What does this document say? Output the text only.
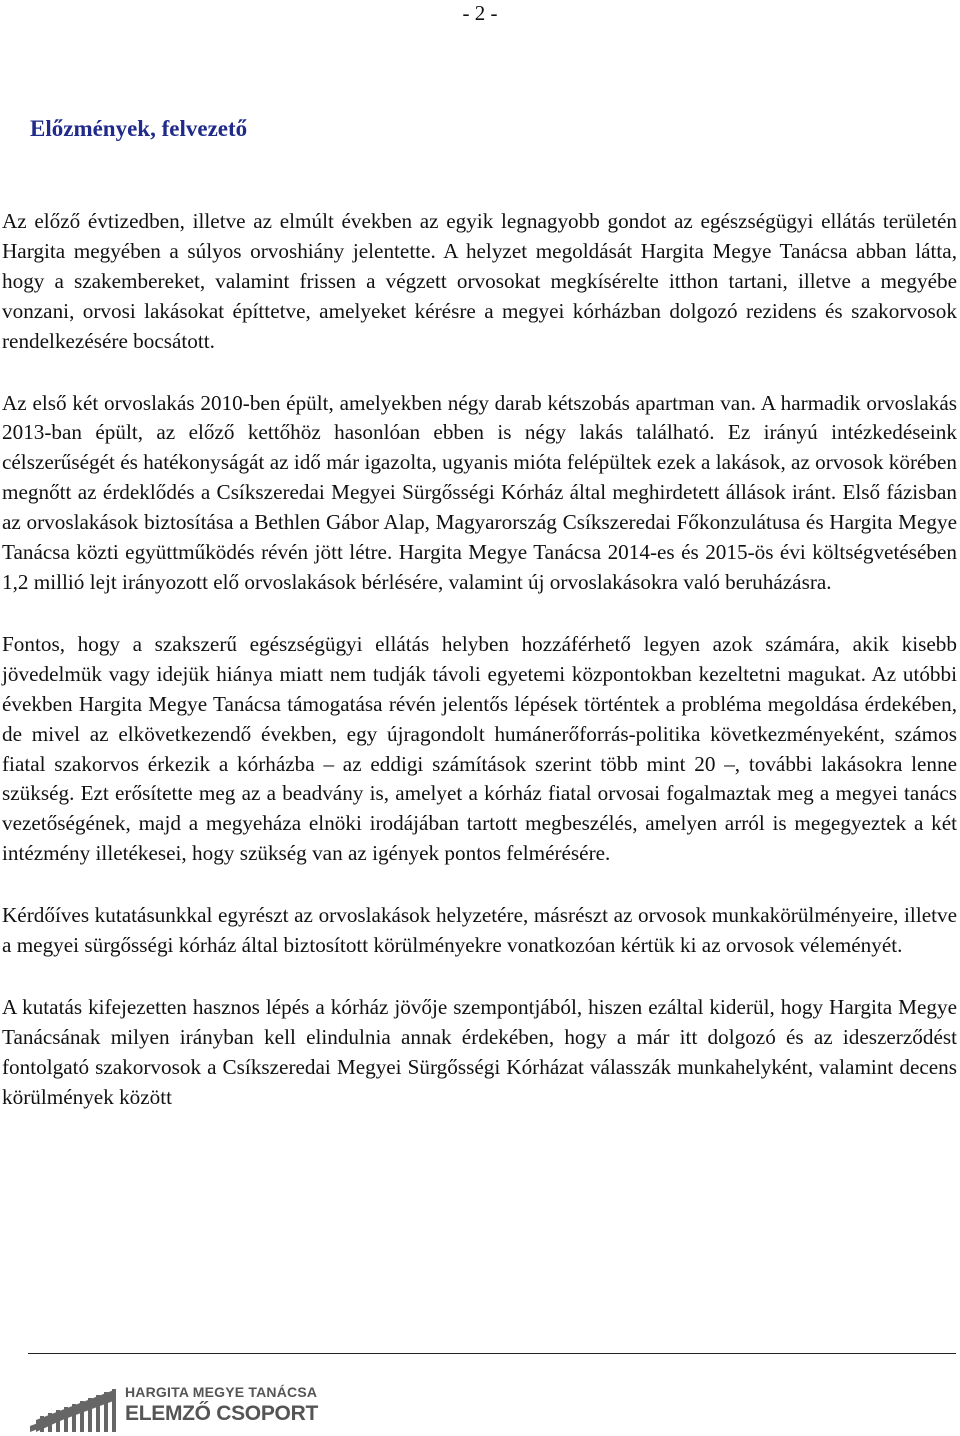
- 2 -
Előzmények, felvezető

Az előző évtizedben, illetve az elmúlt években az egyik legnagyobb gondot az egészségügyi ellátás területén Hargita megyében a súlyos orvoshiány jelentette. A helyzet megoldását Hargita Megye Tanácsa abban látta, hogy a szakembereket, valamint frissen a végzett orvosokat megkísérelte itthon tartani, illetve a megyébe vonzani, orvosi lakásokat építtetve, amelyeket kérésre a megyei kórházban dolgozó rezidens és szakorvosok rendelkezésére bocsátott.

Az első két orvoslakás 2010-ben épült, amelyekben négy darab kétszobás apartman van. A harmadik orvoslakás 2013-ban épült, az előző kettőhöz hasonlóan ebben is négy lakás található. Ez irányú intézkedéseink célszerűségét és hatékonyságát az idő már igazolta, ugyanis mióta felépültek ezek a lakások, az orvosok körében megnőtt az érdeklődés a Csíkszeredai Megyei Sürgősségi Kórház által meghirdetett állások iránt. Első fázisban az orvoslakások biztosítása a Bethlen Gábor Alap, Magyarország Csíkszeredai Főkonzulátusa és Hargita Megye Tanácsa közti együttműködés révén jött létre. Hargita Megye Tanácsa 2014-es és 2015-ös évi költségvetésében 1,2 millió lejt irányozott elő orvoslakások bérlésére, valamint új orvoslakásokra való beruházásra.

Fontos, hogy a szakszerű egészségügyi ellátás helyben hozzáférhető legyen azok számára, akik kisebb jövedelmük vagy idejük hiánya miatt nem tudják távoli egyetemi központokban kezeltetni magukat. Az utóbbi években Hargita Megye Tanácsa támogatása révén jelentős lépések történtek a probléma megoldása érdekében, de mivel az elkövetkezendő években, egy újragondolt humánerőforrás-politika következményeként, számos fiatal szakorvos érkezik a kórházba – az eddigi számítások szerint több mint 20 –, további lakásokra lenne szükség. Ezt erősítette meg az a beadvány is, amelyet a kórház fiatal orvosai fogalmaztak meg a megyei tanács vezetőségének, majd a megyeháza elnöki irodájában tartott megbeszélés, amelyen arról is megegyeztek a két intézmény illetékesei, hogy szükség van az igények pontos felmérésére.

Kérdőíves kutatásunkkal egyrészt az orvoslakások helyzetére, másrészt az orvosok munkakörülményeire, illetve a megyei sürgősségi kórház által biztosított körülményekre vonatkozóan kértük ki az orvosok véleményét.

A kutatás kifejezetten hasznos lépés a kórház jövője szempontjából, hiszen ezáltal kiderül, hogy Hargita Megye Tanácsának milyen irányban kell elindulnia annak érdekében, hogy a már itt dolgozó és az ideszerződést fontolgató szakorvosok a Csíkszeredai Megyei Sürgősségi Kórházat válasszák munkahelyként, valamint decens körülmények között

HARGITA MEGYE TANÁCSA
ELEMZŐ CSOPORT
